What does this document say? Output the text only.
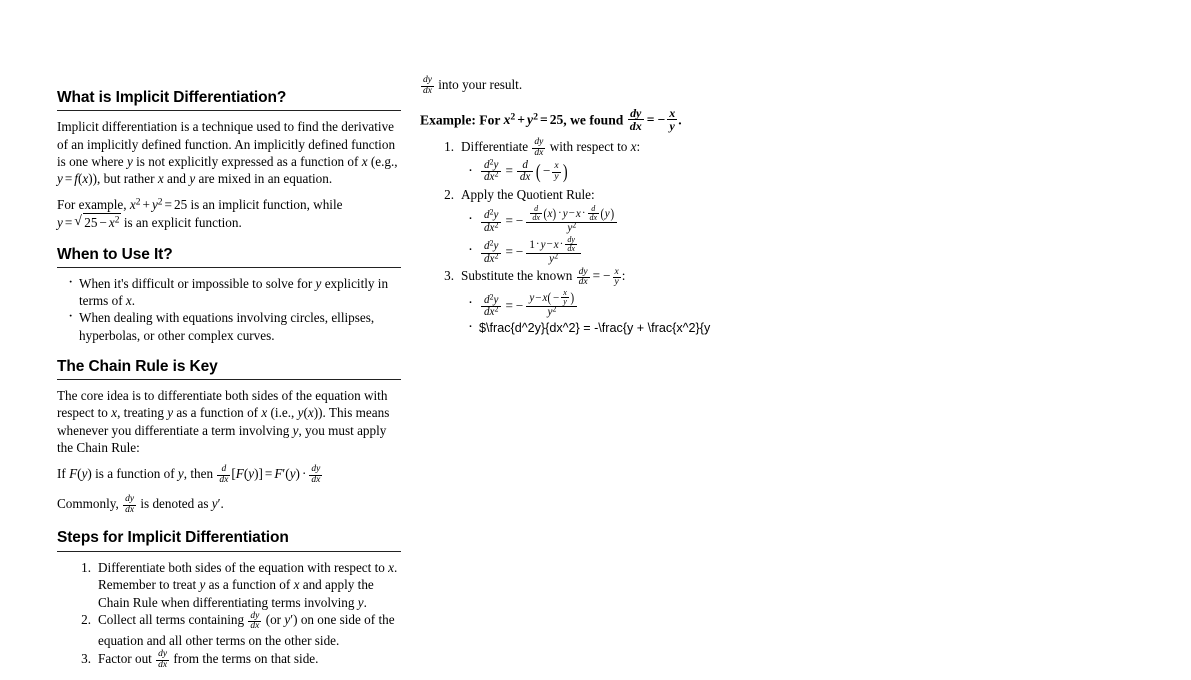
What is Implicit Differentiation?

Implicit differentiation is a technique used to find the derivative of an implicitly defined function. An implicitly defined function is one where y is not explicitly expressed as a function of x (e.g., y = f(x)), but rather x and y are mixed in an equation.

For example, $x^2 + y^2 = 25$ is an implicit function, while y = √ $25 - x^2$ is an explicit function.

When to Use It?
· When it's difficult or impossible to solve for y explicitly in terms of x.
· When dealing with equations involving circles, ellipses, hyperbolas, or other complex curves.
The Chain Rule is Key

The core idea is to differentiate both sides of the equation with respect to x, treating y as a function of x (i.e., y(x)). This means whenever you differentiate a term involving y, you must apply the Chain Rule:

If F(y) is a function of y, then $\frac{d}{dx} [F(y)] = F'(y) \cdot \frac{dy}{dx}$

Commonly, $\frac{dy}{dx}$ is denoted as y′.

Steps for Implicit Differentiation
Differentiate both sides of the equation with respect to x. Remember to treat y as a function of x and apply the Chain Rule when differentiating terms involving y.
Collect all terms containing $\frac{dy}{dx} (or$ y′) on one side of the equation and all other terms on the other side.
Factor out $\frac{dy}{dx}$ from the terms on that side.

$\frac{dy}{dx}$ into your result.

Example: For $x^2 + y^2 = 25$, we found $\frac{dy}{dx}$ = − $\frac{x}{y}$ .

Differentiate $\frac{dy}{dx}$ with respect to x:
· $\frac{d^2y}{dx^2} = \frac{d}{dx}$ ( − $\frac{x}{y}$ )
Apply the Quotient Rule:
· $\frac{d^2y}{dx^2}$ = − $\frac{d}{dx} (x) \cdot y-x\cdot \frac{d}{dx} (y)$
$y^2$
· $\frac{d^2y}{dx^2}$ = − $1\cdot y-x\cdot \frac{dy}{dx}$
$y^2$
Substitute the known $\frac{dy}{dx}$ = − $\frac{x}{y}$ :
· $\frac{d^2y}{dx^2}$ = − $\frac{y-x( - \frac{x}{y} )}{y^2}$
· $\frac{d^2y}{dx^2} = -\frac{y + \frac{x^2}{y
